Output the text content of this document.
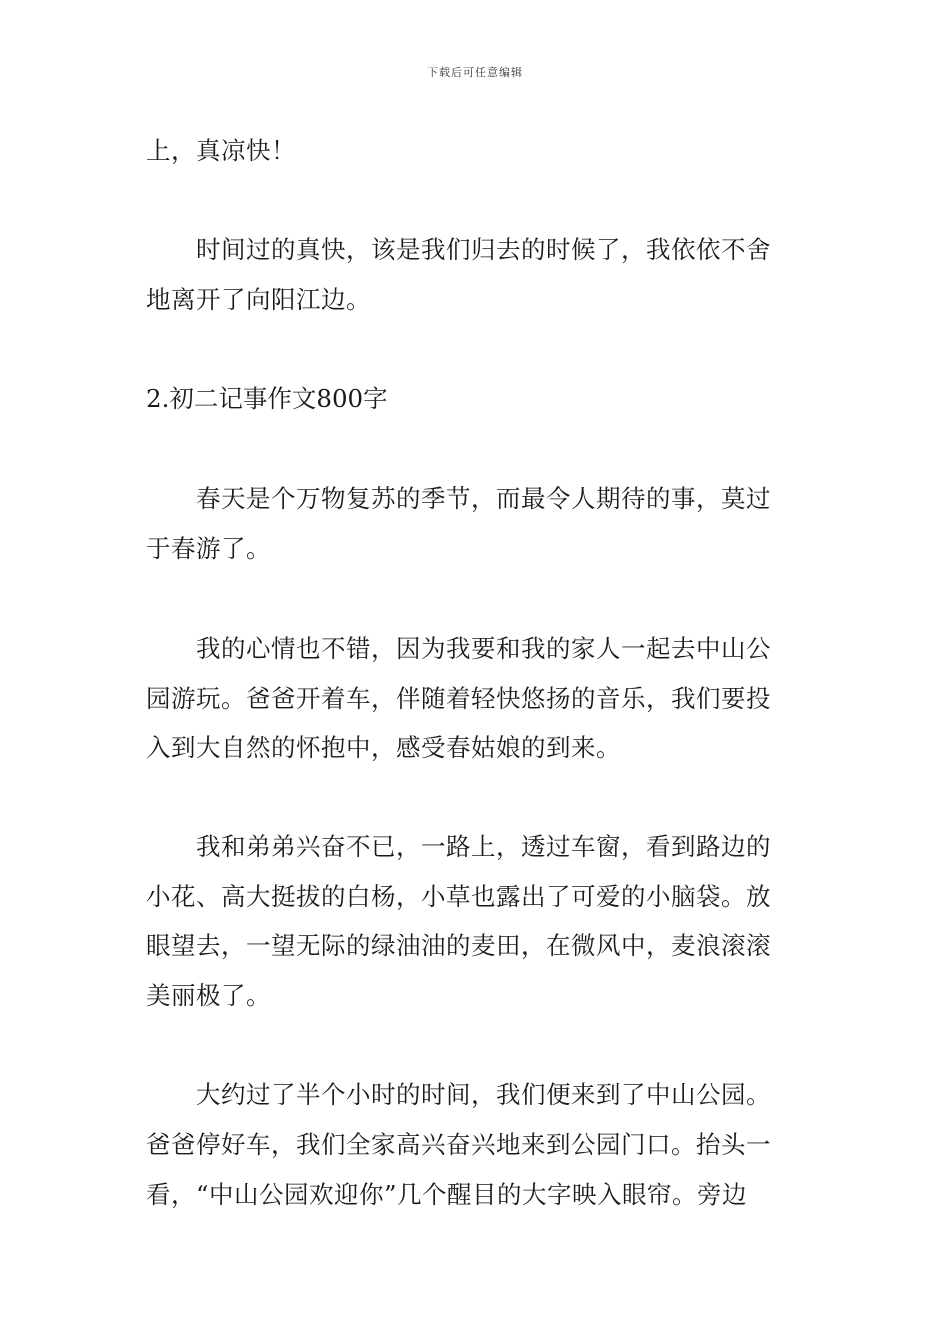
下载后可任意编辑
上，真凉快！
　　时间过的真快，该是我们归去的时候了，我依依不舍
地离开了向阳江边。
2.初二记事作文800字
　　春天是个万物复苏的季节，而最令人期待的事，莫过
于春游了。
　　我的心情也不错，因为我要和我的家人一起去中山公
园游玩。爸爸开着车，伴随着轻快悠扬的音乐，我们要投
入到大自然的怀抱中，感受春姑娘的到来。
　　我和弟弟兴奋不已，一路上，透过车窗，看到路边的
小花、高大挺拔的白杨，小草也露出了可爱的小脑袋。放
眼望去，一望无际的绿油油的麦田，在微风中，麦浪滚滚
美丽极了。
　　大约过了半个小时的时间，我们便来到了中山公园。
爸爸停好车，我们全家高兴奋兴地来到公园门口。抬头一
看，“中山公园欢迎你”几个醒目的大字映入眼帘。旁边
